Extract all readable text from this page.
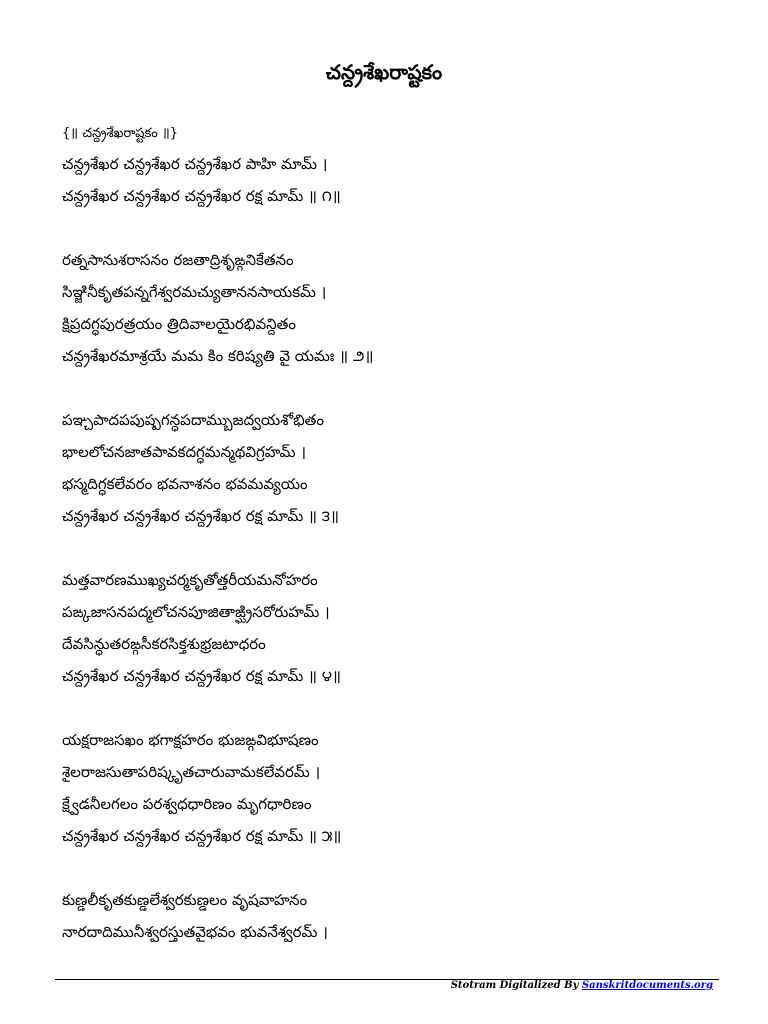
చన్ద్రశేఖరాష్టకం
{॥ చన్ద్రశేఖరాష్టకం ॥}
చన్ద్రశేఖర చన్ద్రశేఖర చన్ద్రశేఖర పాహి మామ్ ।
చన్ద్రశేఖర చన్ద్రశేఖర చన్ద్రశేఖర రక్ష మామ్ ॥ ౧॥
రత్నసానుశరాసనం రజతాద్రిశృఙ్గనికేతనం
సిఞ్జినీకృతపన్నగేశ్వరమచ్యుతాననసాయకమ్ ।
క్షిప్రదగ్ధపురత్రయం త్రిదివాలయైరభివన్దితం
చన్ద్రశేఖరమాశ్రయే మమ కిం కరిష్యతి వై యమః ॥ ౨॥
పఞ్చపాదపపుష్పగన్ధపదామ్బుజద్వయశోభితం
భాలలోచనజాతపావకదగ్ధమన్మథవిగ్రహమ్ ।
భస్మదిగ్ధకలేవరం భవనాశనం భవమవ్యయం
చన్ద్రశేఖర చన్ద్రశేఖర చన్ద్రశేఖర రక్ష మామ్ ॥ ౩॥
మత్తవారణముఖ్యచర్మకృతోత్తరీయమనోహరం
పఙ్కజాసనపద్మలోచనపూజితాఙ్ఘ్రిసరోరుహమ్ ।
దేవసిన్ధుతరఙ్గసీకరసిక్తశుభ్రజటాధరం
చన్ద్రశేఖర చన్ద్రశేఖర చన్ద్రశేఖర రక్ష మామ్ ॥ ౪॥
యక్షరాజసఖం భగాక్షహరం భుజఙ్గవిభూషణం
శైలరాజసుతాపరిష్కృతచారువామకలేవరమ్ ।
క్ష్వేడనీలగలం పరశ్వధధారిణం మృగధారిణం
చన్ద్రశేఖర చన్ద్రశేఖర చన్ద్రశేఖర రక్ష మామ్ ॥ ౫॥
కుణ్డలీకృతకుణ్డలేశ్వరకుణ్డలం వృషవాహనం
నారదాదిమునీశ్వరస్తుతవైభవం భువనేశ్వరమ్ ।
Stotram Digitalized By Sanskritdocuments.org
